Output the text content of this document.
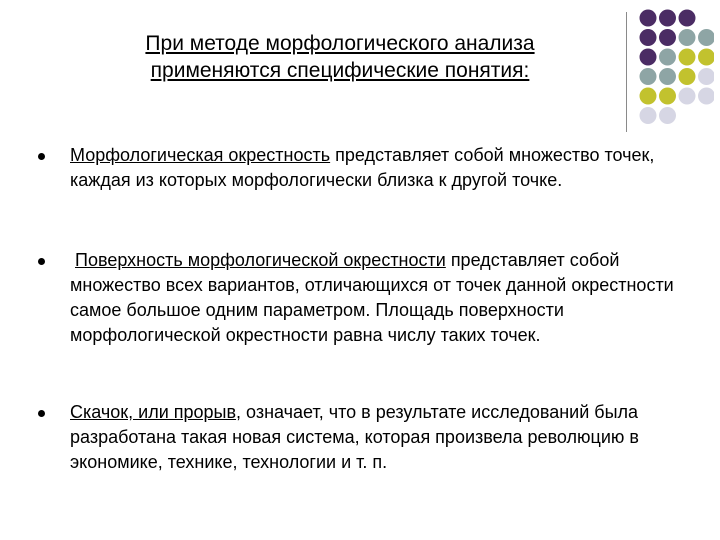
При методе морфологического анализа
применяются специфические понятия:
Морфологическая окрестность представляет собой множество точек, каждая из которых морфологически близка к другой точке.
Поверхность морфологической окрестности представляет собой множество всех вариантов, отличающихся от точек данной окрестности самое большое одним параметром. Площадь поверхности морфологической окрестности равна числу таких точек.
Скачок, или прорыв, означает, что в результате исследований была разработана такая новая система, которая произвела революцию в экономике, технике, технологии и т. п.
